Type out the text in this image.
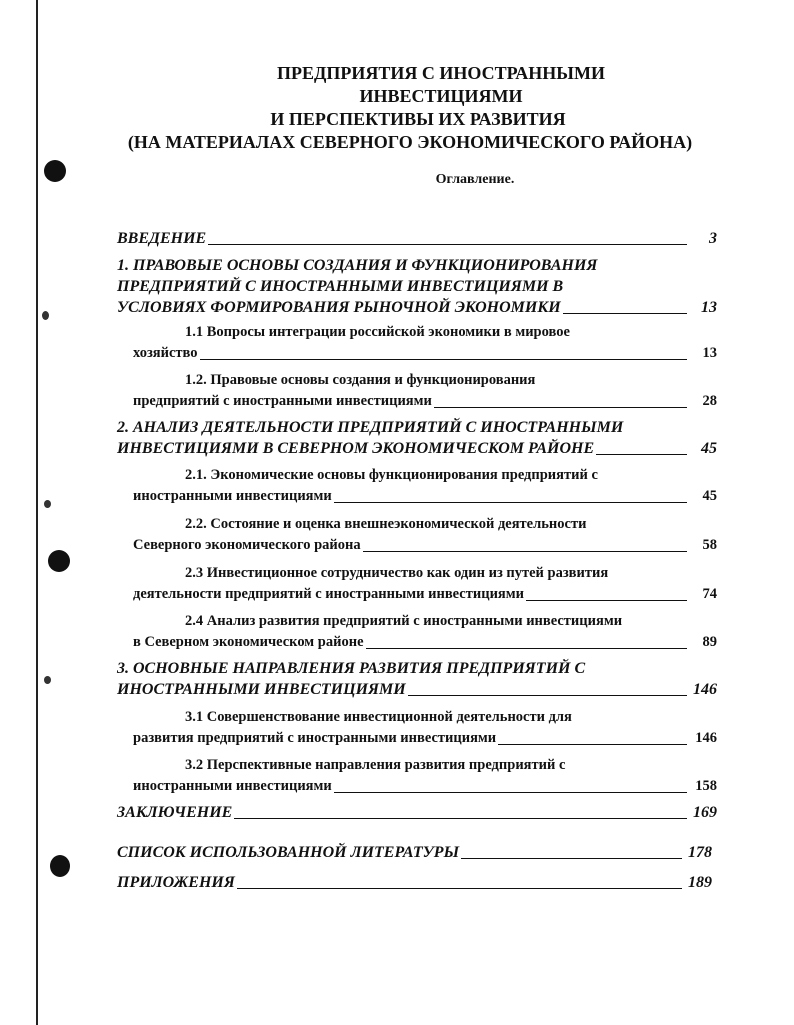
ПРЕДПРИЯТИЯ С ИНОСТРАННЫМИ
ИНВЕСТИЦИЯМИ
И ПЕРСПЕКТИВЫ ИХ РАЗВИТИЯ
(НА МАТЕРИАЛАХ СЕВЕРНОГО ЭКОНОМИЧЕСКОГО РАЙОНА)
Оглавление.
ВВЕДЕНИЕ	3
1. ПРАВОВЫЕ ОСНОВЫ СОЗДАНИЯ И ФУНКЦИОНИРОВАНИЯ
ПРЕДПРИЯТИЙ С ИНОСТРАННЫМИ ИНВЕСТИЦИЯМИ В
УСЛОВИЯХ ФОРМИРОВАНИЯ РЫНОЧНОЙ ЭКОНОМИКИ	13
1.1 Вопросы интеграции российской экономики в мировое
хозяйство	13
1.2. Правовые основы создания и функционирования
предприятий с иностранными инвестициями	28
2. АНАЛИЗ ДЕЯТЕЛЬНОСТИ ПРЕДПРИЯТИЙ С ИНОСТРАННЫМИ
ИНВЕСТИЦИЯМИ В СЕВЕРНОМ ЭКОНОМИЧЕСКОМ РАЙОНЕ	45
2.1. Экономические основы функционирования предприятий с
иностранными инвестициями	45
2.2. Состояние и оценка внешнеэкономической деятельности
Северного экономического района	58
2.3 Инвестиционное сотрудничество как один из путей развития
деятельности предприятий с иностранными инвестициями	74
2.4 Анализ развития предприятий с иностранными инвестициями
в Северном экономическом районе	89
3. ОСНОВНЫЕ НАПРАВЛЕНИЯ РАЗВИТИЯ ПРЕДПРИЯТИЙ С
ИНОСТРАННЫМИ ИНВЕСТИЦИЯМИ	146
3.1 Совершенствование инвестиционной деятельности для
развития предприятий с иностранными инвестициями	146
3.2 Перспективные направления развития предприятий с
иностранными инвестициями	158
ЗАКЛЮЧЕНИЕ	169
СПИСОК ИСПОЛЬЗОВАННОЙ ЛИТЕРАТУРЫ	178
ПРИЛОЖЕНИЯ	189
